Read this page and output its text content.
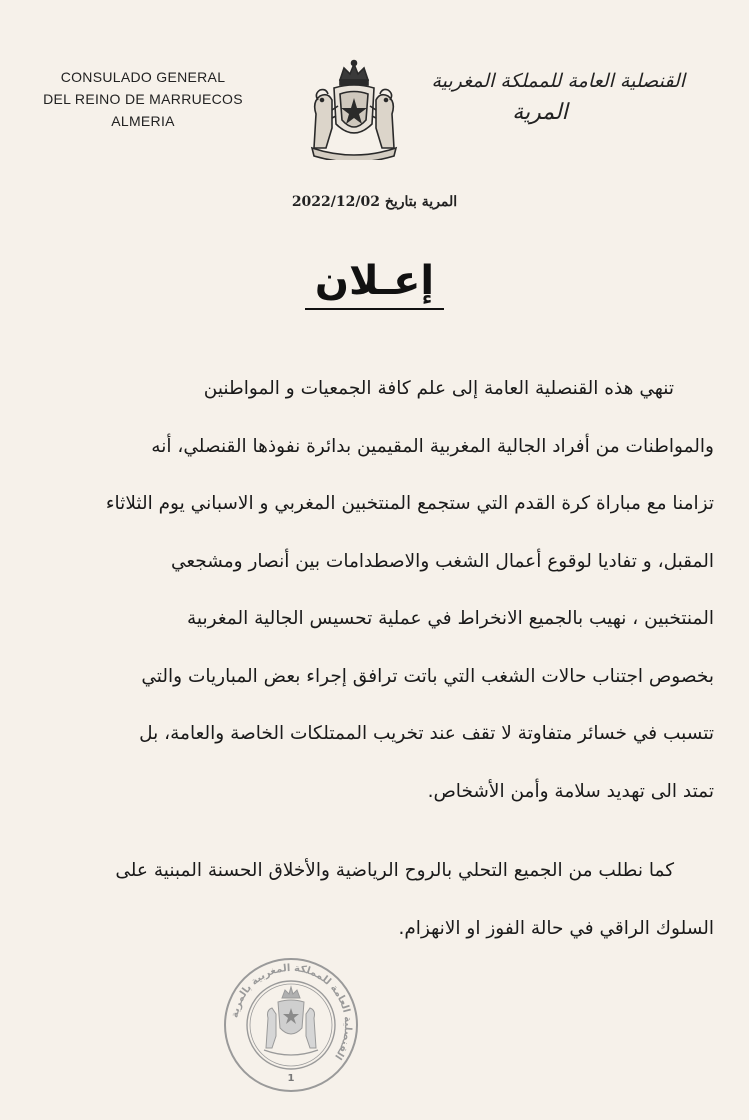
CONSULADO GENERAL
DEL REINO DE MARRUECOS
ALMERIA
القنصلية العامة للمملكة المغربية
المرية
المرية بتاريخ 2022/12/02
إعـلان

تنهي هذه القنصلية العامة إلى علم كافة الجمعيات و المواطنين

والمواطنات من أفراد الجالية المغربية المقيمين بدائرة نفوذها القنصلي، أنه

تزامنا مع مباراة كرة القدم التي ستجمع المنتخبين المغربي و الاسباني يوم الثلاثاء

المقبل، و تفاديا لوقوع أعمال الشغب والاصطدامات بين أنصار ومشجعي

المنتخبين ، نهيب بالجميع الانخراط في عملية تحسيس الجالية المغربية

بخصوص اجتناب حالات الشغب التي باتت ترافق إجراء بعض المباريات والتي

تتسبب في خسائر متفاوتة لا تقف عند تخريب الممتلكات الخاصة والعامة، بل

تمتد الى تهديد سلامة وأمن الأشخاص.

كما نطلب من الجميع التحلي بالروح الرياضية والأخلاق الحسنة المبنية على

السلوك الراقي في حالة الفوز او الانهزام.

القنصلية العامة للمملكة المغربية بالمرية
1
